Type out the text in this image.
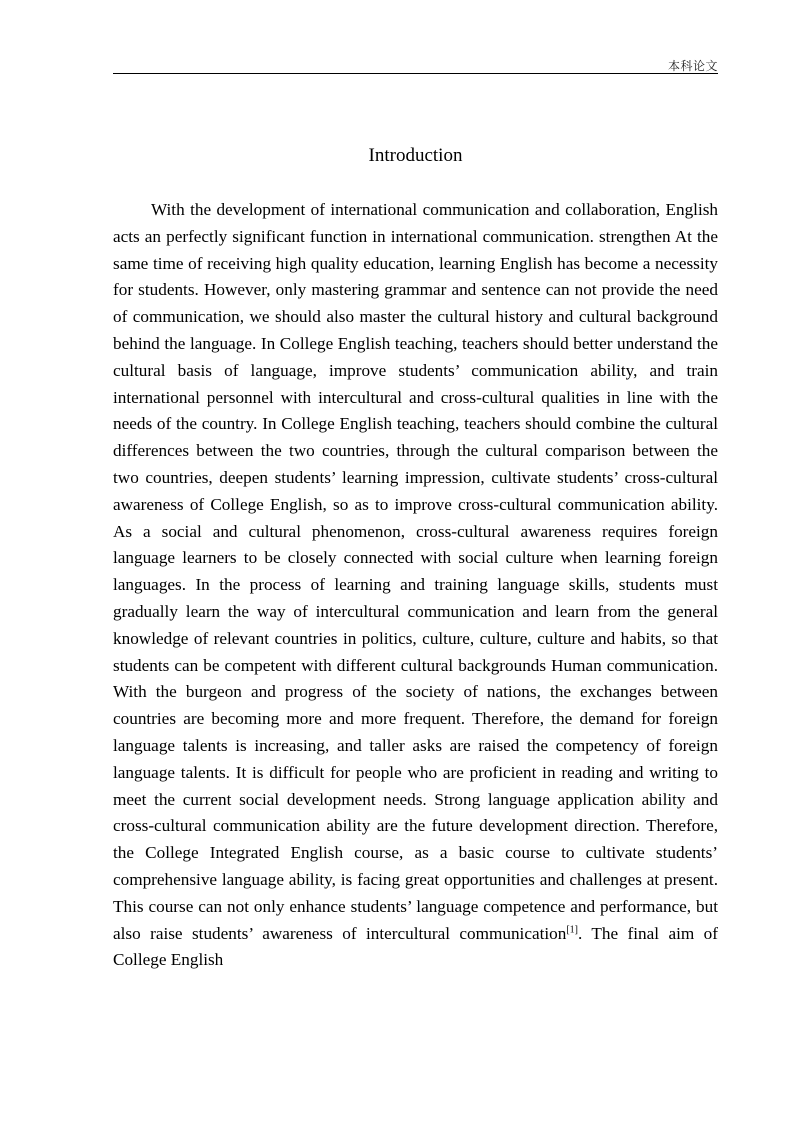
本科论文
Introduction

With the development of international communication and collaboration, English acts an perfectly significant function in international communication. strengthen At the same time of receiving high quality education, learning English has become a necessity for students. However, only mastering grammar and sentence can not provide the need of communication, we should also master the cultural history and cultural background behind the language. In College English teaching, teachers should better understand the cultural basis of language, improve students’ communication ability, and train international personnel with intercultural and cross-cultural qualities in line with the needs of the country. In College English teaching, teachers should combine the cultural differences between the two countries, through the cultural comparison between the two countries, deepen students’ learning impression, cultivate students’ cross-cultural awareness of College English, so as to improve cross-cultural communication ability. As a social and cultural phenomenon, cross-cultural awareness requires foreign language learners to be closely connected with social culture when learning foreign languages. In the process of learning and training language skills, students must gradually learn the way of intercultural communication and learn from the general knowledge of relevant countries in politics, culture, culture, culture and habits, so that students can be competent with different cultural backgrounds Human communication. With the burgeon and progress of the society of nations, the exchanges between countries are becoming more and more frequent. Therefore, the demand for foreign language talents is increasing, and taller asks are raised the competency of foreign language talents. It is difficult for people who are proficient in reading and writing to meet the current social development needs. Strong language application ability and cross-cultural communication ability are the future development direction. Therefore, the College Integrated English course, as a basic course to cultivate students’ comprehensive language ability, is facing great opportunities and challenges at present. This course can not only enhance students’ language competence and performance, but also raise students’ awareness of intercultural communication[1]. The final aim of College English
